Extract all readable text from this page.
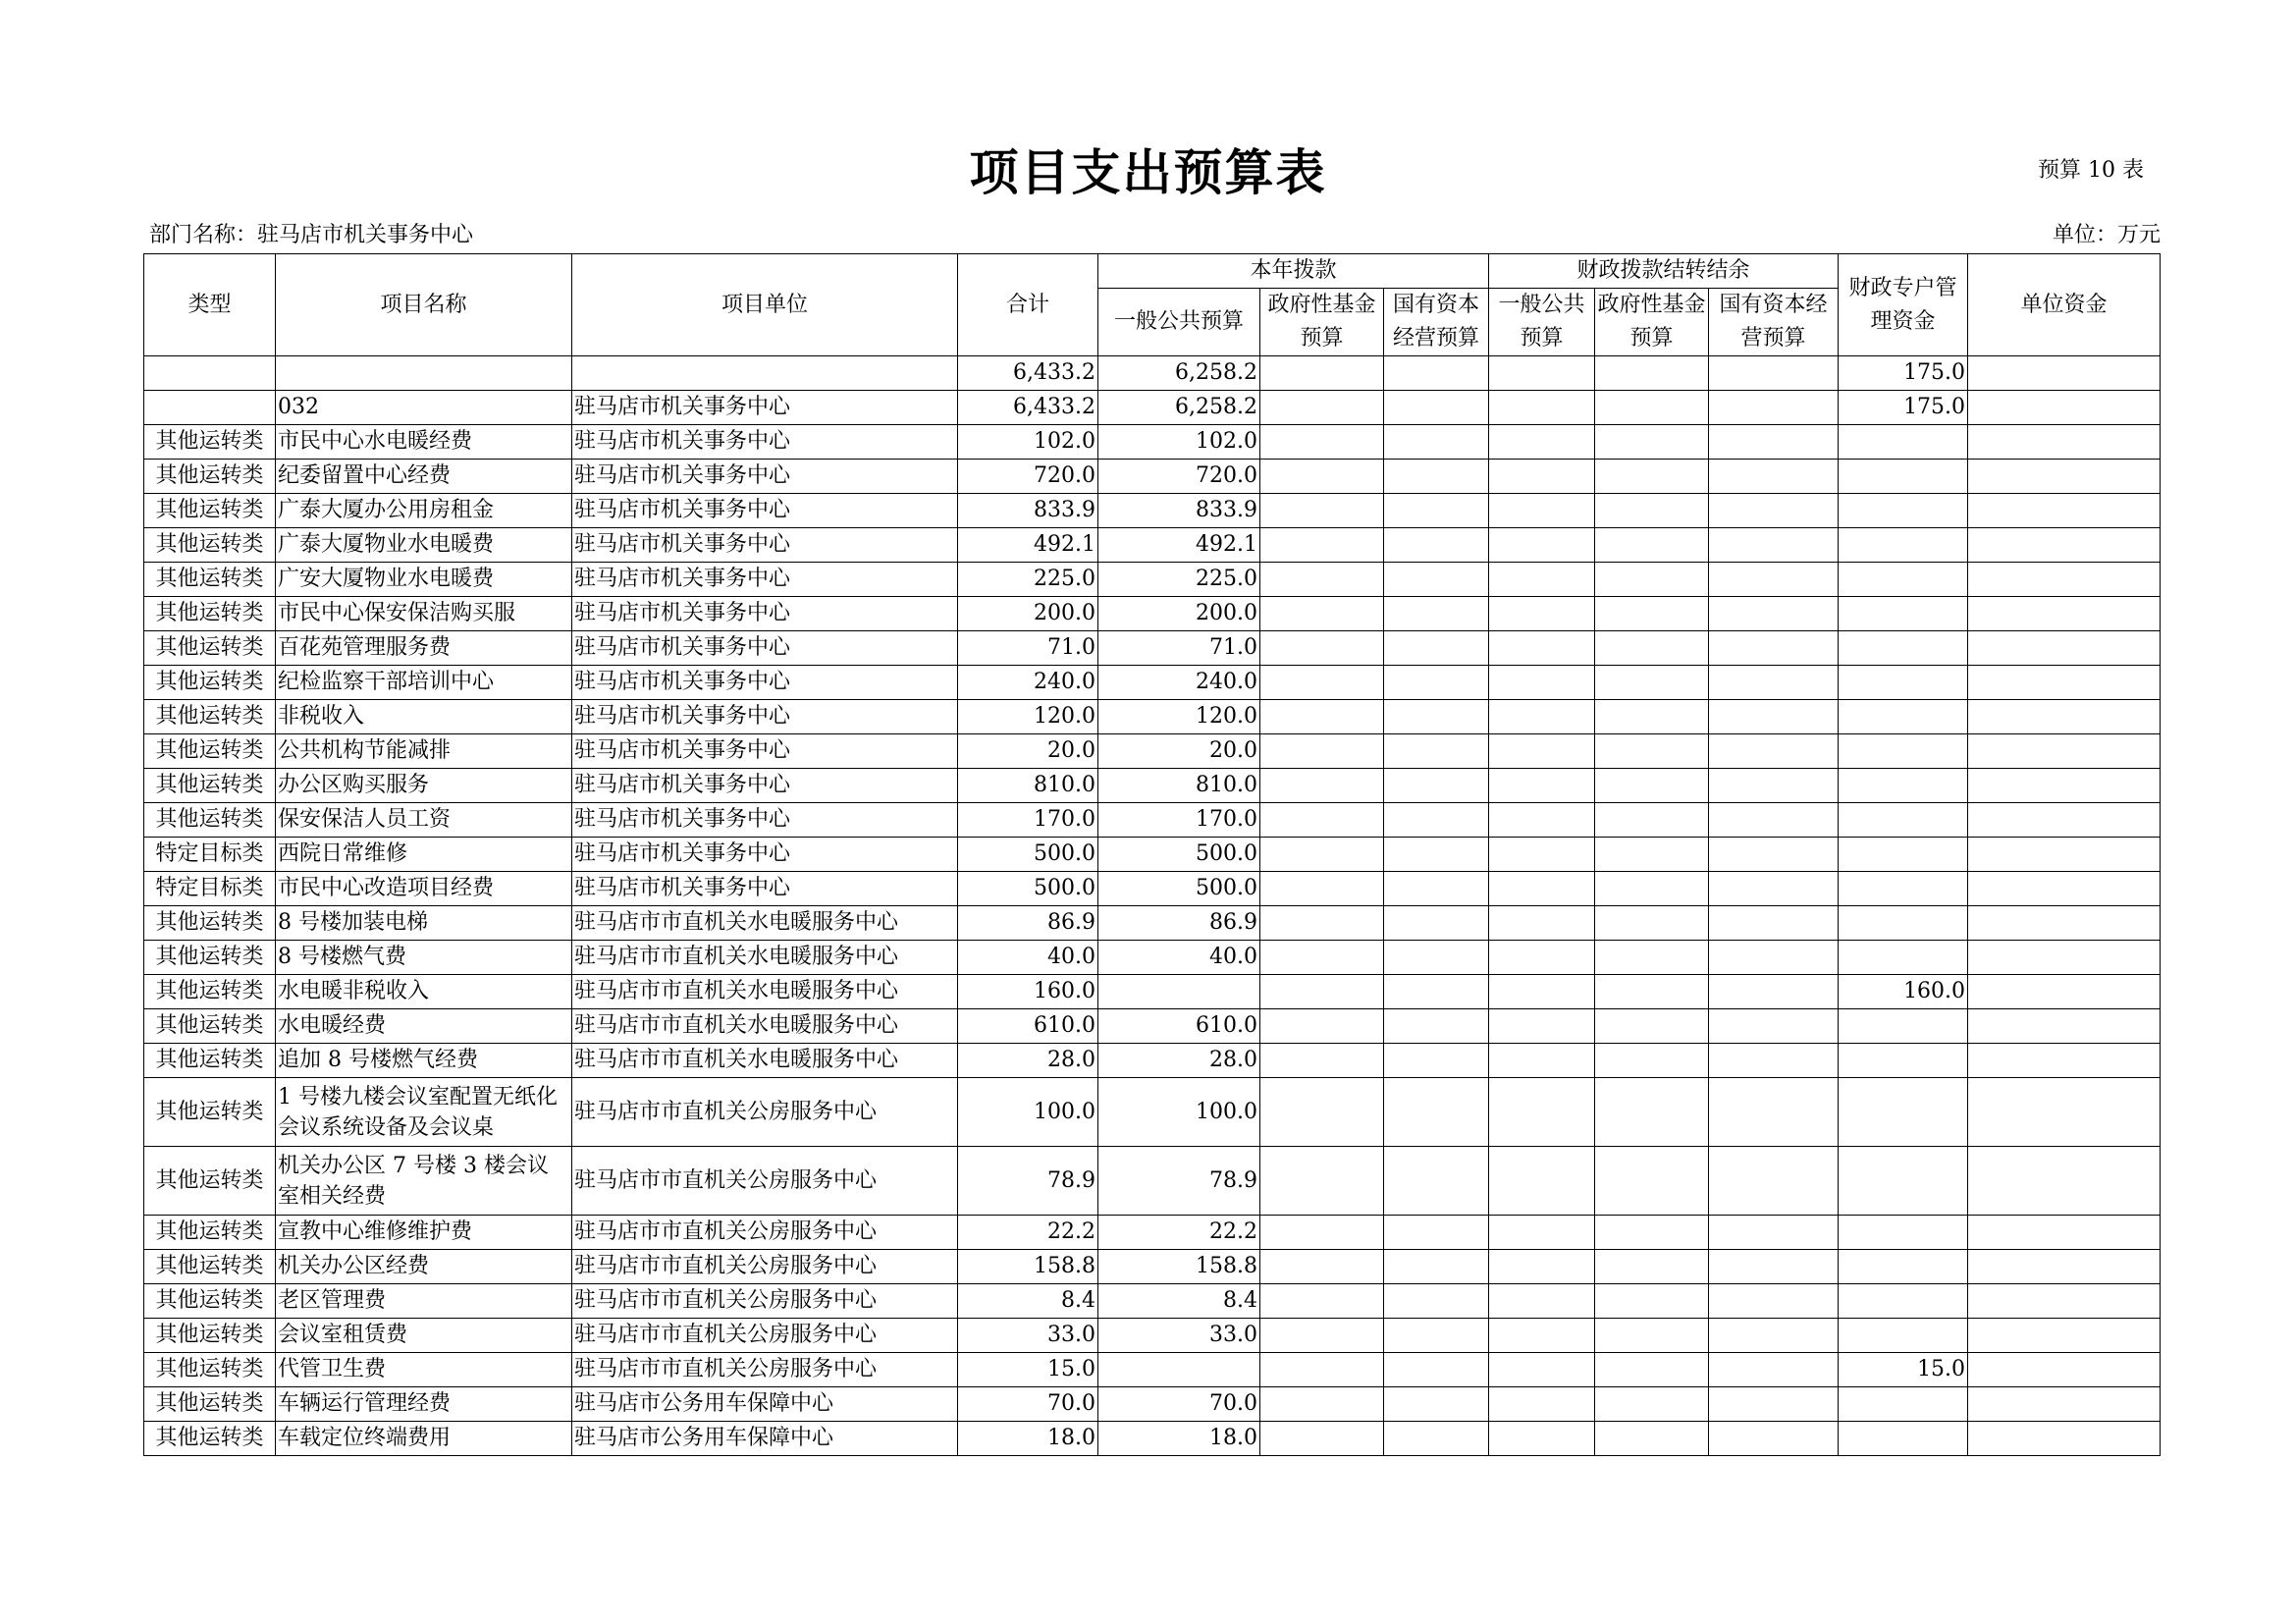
项目支出预算表	预算 10 表
部门名称：驻马店市机关事务中心	单位：万元
类型	项目名称	项目单位	合计	本年拨款			财政拨款结转结余			财政专户管理资金	单位资金
				一般公共预算	政府性基金预算	国有资本经营预算	一般公共预算	政府性基金预算	国有资本经营预算		
			6,433.2	6,258.2						175.0	
	032	驻马店市机关事务中心	6,433.2	6,258.2						175.0	
其他运转类	市民中心水电暖经费	驻马店市机关事务中心	102.0	102.0							
其他运转类	纪委留置中心经费	驻马店市机关事务中心	720.0	720.0							
其他运转类	广泰大厦办公用房租金	驻马店市机关事务中心	833.9	833.9							
其他运转类	广泰大厦物业水电暖费	驻马店市机关事务中心	492.1	492.1							
其他运转类	广安大厦物业水电暖费	驻马店市机关事务中心	225.0	225.0							
其他运转类	市民中心保安保洁购买服	驻马店市机关事务中心	200.0	200.0							
其他运转类	百花苑管理服务费	驻马店市机关事务中心	71.0	71.0							
其他运转类	纪检监察干部培训中心	驻马店市机关事务中心	240.0	240.0							
其他运转类	非税收入	驻马店市机关事务中心	120.0	120.0							
其他运转类	公共机构节能减排	驻马店市机关事务中心	20.0	20.0							
其他运转类	办公区购买服务	驻马店市机关事务中心	810.0	810.0							
其他运转类	保安保洁人员工资	驻马店市机关事务中心	170.0	170.0							
特定目标类	西院日常维修	驻马店市机关事务中心	500.0	500.0							
特定目标类	市民中心改造项目经费	驻马店市机关事务中心	500.0	500.0							
其他运转类	8 号楼加装电梯	驻马店市市直机关水电暖服务中心	86.9	86.9							
其他运转类	8 号楼燃气费	驻马店市市直机关水电暖服务中心	40.0	40.0							
其他运转类	水电暖非税收入	驻马店市市直机关水电暖服务中心	160.0							160.0	
其他运转类	水电暖经费	驻马店市市直机关水电暖服务中心	610.0	610.0							
其他运转类	追加 8 号楼燃气经费	驻马店市市直机关水电暖服务中心	28.0	28.0							
其他运转类	1 号楼九楼会议室配置无纸化会议系统设备及会议桌	驻马店市市直机关公房服务中心	100.0	100.0							
其他运转类	机关办公区 7 号楼 3 楼会议室相关经费	驻马店市市直机关公房服务中心	78.9	78.9							
其他运转类	宣教中心维修维护费	驻马店市市直机关公房服务中心	22.2	22.2							
其他运转类	机关办公区经费	驻马店市市直机关公房服务中心	158.8	158.8							
其他运转类	老区管理费	驻马店市市直机关公房服务中心	8.4	8.4							
其他运转类	会议室租赁费	驻马店市市直机关公房服务中心	33.0	33.0							
其他运转类	代管卫生费	驻马店市市直机关公房服务中心	15.0							15.0	
其他运转类	车辆运行管理经费	驻马店市公务用车保障中心	70.0	70.0							
其他运转类	车载定位终端费用	驻马店市公务用车保障中心	18.0	18.0							
